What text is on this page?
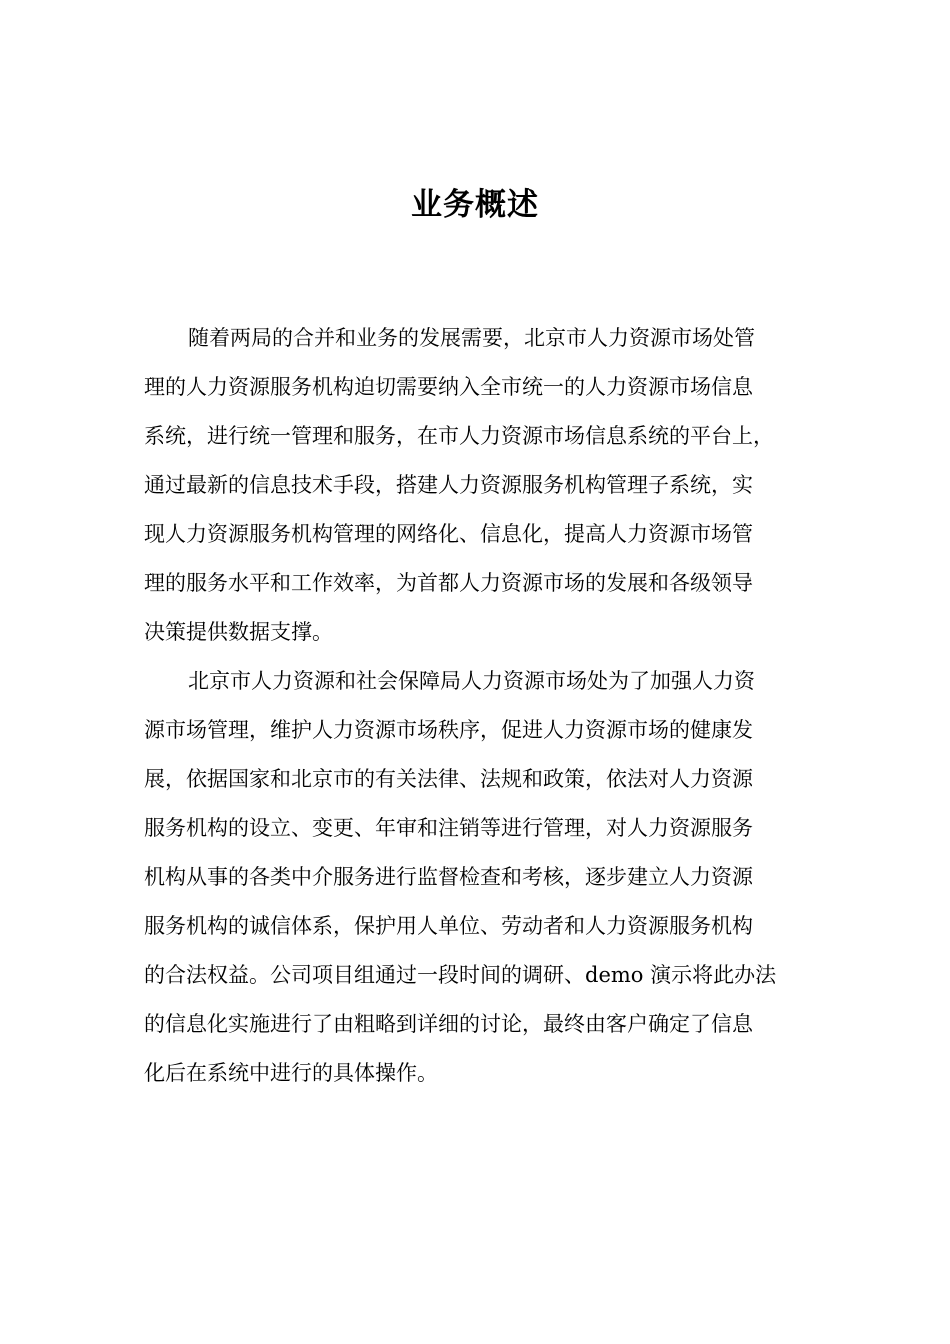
业务概述
随着两局的合并和业务的发展需要，北京市人力资源市场处管
理的人力资源服务机构迫切需要纳入全市统一的人力资源市场信息
系统，进行统一管理和服务，在市人力资源市场信息系统的平台上，
通过最新的信息技术手段，搭建人力资源服务机构管理子系统，实
现人力资源服务机构管理的网络化、信息化，提高人力资源市场管
理的服务水平和工作效率，为首都人力资源市场的发展和各级领导
决策提供数据支撑。
北京市人力资源和社会保障局人力资源市场处为了加强人力资
源市场管理，维护人力资源市场秩序，促进人力资源市场的健康发
展，依据国家和北京市的有关法律、法规和政策，依法对人力资源
服务机构的设立、变更、年审和注销等进行管理，对人力资源服务
机构从事的各类中介服务进行监督检查和考核，逐步建立人力资源
服务机构的诚信体系，保护用人单位、劳动者和人力资源服务机构
的合法权益。公司项目组通过一段时间的调研、demo 演示将此办法
的信息化实施进行了由粗略到详细的讨论，最终由客户确定了信息
化后在系统中进行的具体操作。
